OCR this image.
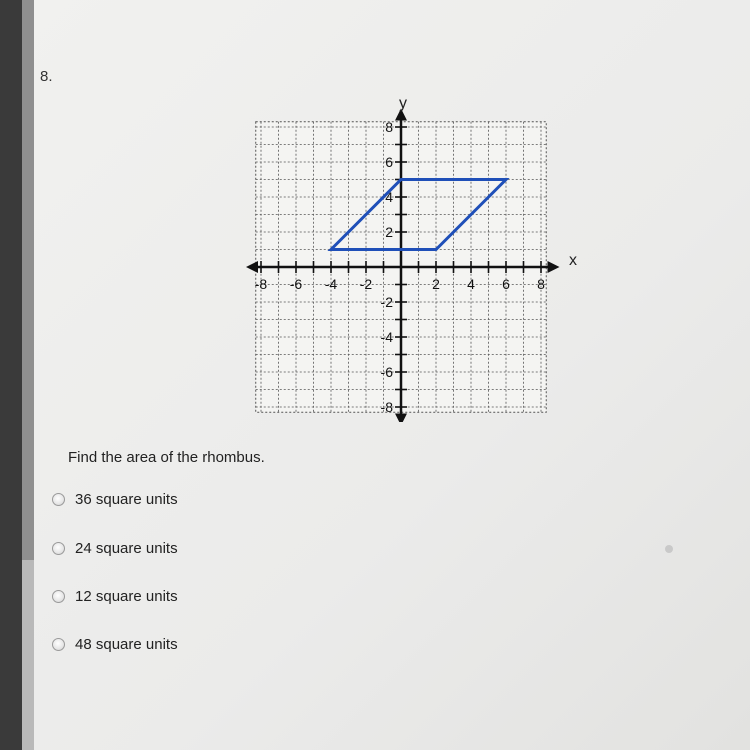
8.
-8 -6 -4 -2	2 4 6 8
8
6
4
2
-2
-4
-6
-8
x
y
Find the area of the rhombus.
36 square units
24 square units
12 square units
48 square units
